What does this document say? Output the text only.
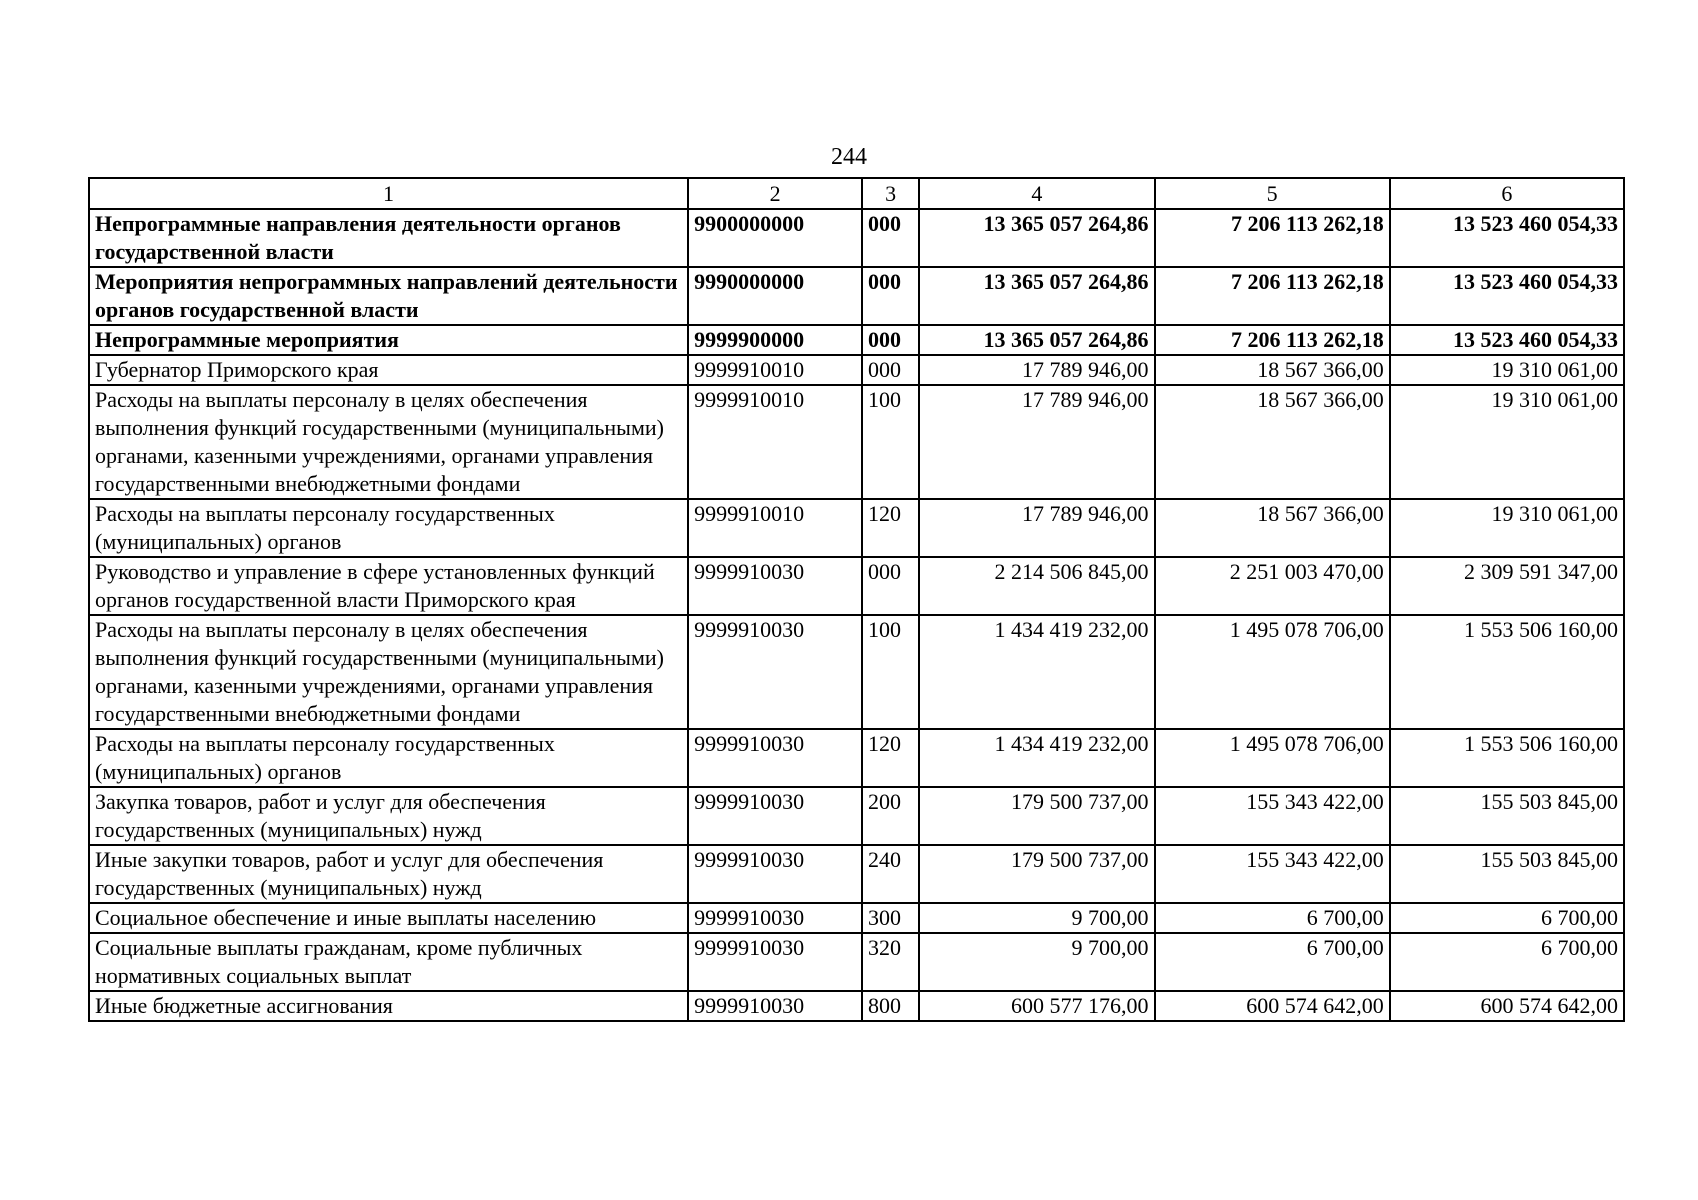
244
1	2	3	4	5	6
Непрограммные направления деятельности органов государственной власти	9900000000	000	13 365 057 264,86	7 206 113 262,18	13 523 460 054,33
Мероприятия непрограммных направлений деятельности органов государственной власти	9990000000	000	13 365 057 264,86	7 206 113 262,18	13 523 460 054,33
Непрограммные мероприятия	9999900000	000	13 365 057 264,86	7 206 113 262,18	13 523 460 054,33
Губернатор Приморского края	9999910010	000	17 789 946,00	18 567 366,00	19 310 061,00
Расходы на выплаты персоналу в целях обеспечения выполнения функций государственными (муниципальными) органами, казенными учреждениями, органами управления государственными внебюджетными фондами	9999910010	100	17 789 946,00	18 567 366,00	19 310 061,00
Расходы на выплаты персоналу государственных (муниципальных) органов	9999910010	120	17 789 946,00	18 567 366,00	19 310 061,00
Руководство и управление в сфере установленных функций органов государственной власти Приморского края	9999910030	000	2 214 506 845,00	2 251 003 470,00	2 309 591 347,00
Расходы на выплаты персоналу в целях обеспечения выполнения функций государственными (муниципальными) органами, казенными учреждениями, органами управления государственными внебюджетными фондами	9999910030	100	1 434 419 232,00	1 495 078 706,00	1 553 506 160,00
Расходы на выплаты персоналу государственных (муниципальных) органов	9999910030	120	1 434 419 232,00	1 495 078 706,00	1 553 506 160,00
Закупка товаров, работ и услуг для обеспечения государственных (муниципальных) нужд	9999910030	200	179 500 737,00	155 343 422,00	155 503 845,00
Иные закупки товаров, работ и услуг для обеспечения государственных (муниципальных) нужд	9999910030	240	179 500 737,00	155 343 422,00	155 503 845,00
Социальное обеспечение и иные выплаты населению	9999910030	300	9 700,00	6 700,00	6 700,00
Социальные выплаты гражданам, кроме публичных нормативных социальных выплат	9999910030	320	9 700,00	6 700,00	6 700,00
Иные бюджетные ассигнования	9999910030	800	600 577 176,00	600 574 642,00	600 574 642,00
